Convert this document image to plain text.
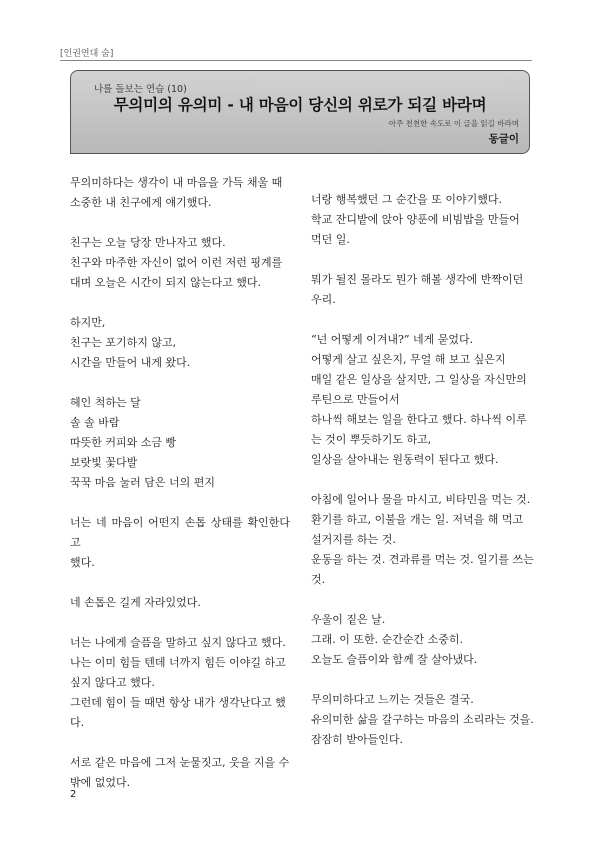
[인권연대 숨]
나를 돌보는 연습 (10)
무의미의 유의미 - 내 마음이 당신의 위로가 되길 바라며
아주 천천한 속도로 이 글을 읽길 바라며
동글이

무의미하다는 생각이 내 마음을 가득 채울 때

소중한 내 친구에게 얘기했다.

친구는 오늘 당장 만나자고 했다.

친구와 마주한 자신이 없어 이런 저런 핑계를

대며 오늘은 시간이 되지 않는다고 했다.

하지만,

친구는 포기하지 않고,

시간을 만들어 내게 왔다.

헤인 척하는 달

솔 솔 바람

따뜻한 커피와 소금 빵

보랏빛 꽃다발

꾹꾹 마음 눌러 담은 너의 편지

너는 네 마음이 어떤지 손톱 상태를 확인한다고

했다.

네 손톱은 길게 자라있었다.

너는 나에게 슬픔을 말하고 싶지 않다고 했다.

나는 이미 힘들 텐데 너까지 힘든 이야길 하고

싶지 않다고 했다.

그런데 힘이 들 때면 항상 내가 생각난다고 했

다.

서로 같은 마음에 그저 눈물짓고, 웃을 지을 수

밖에 없었다.

너랑 행복했던 그 순간을 또 이야기했다.

학교 잔디밭에 앉아 양푼에 비빔밥을 만들어

먹던 일.

뭐가 될진 몰라도 뭔가 해볼 생각에 반짝이던

우리.

“넌 어떻게 이겨내?” 네게 묻었다.

어떻게 살고 싶은지, 무얼 해 보고 싶은지

매일 같은 일상을 살지만, 그 일상을 자신만의

루틴으로 만들어서

하나씩 해보는 일을 한다고 했다. 하나씩 이루

는 것이 뿌듯하기도 하고,

일상을 살아내는 원동력이 된다고 했다.

아침에 일어나 물을 마시고, 비타민을 먹는 것.

환기를 하고, 이불을 개는 일. 저녁을 해 먹고

설거지를 하는 것.

운동을 하는 것. 견과류를 먹는 것. 일기를 쓰는

것.

우울이 짙은 날.

그래. 이 또한. 순간순간 소중히.

오늘도 슬픔이와 함께 잘 살아냈다.

무의미하다고 느끼는 것들은 결국.

유의미한 삶을 갈구하는 마음의 소리라는 것을.

잠잠히 받아들인다.

2
